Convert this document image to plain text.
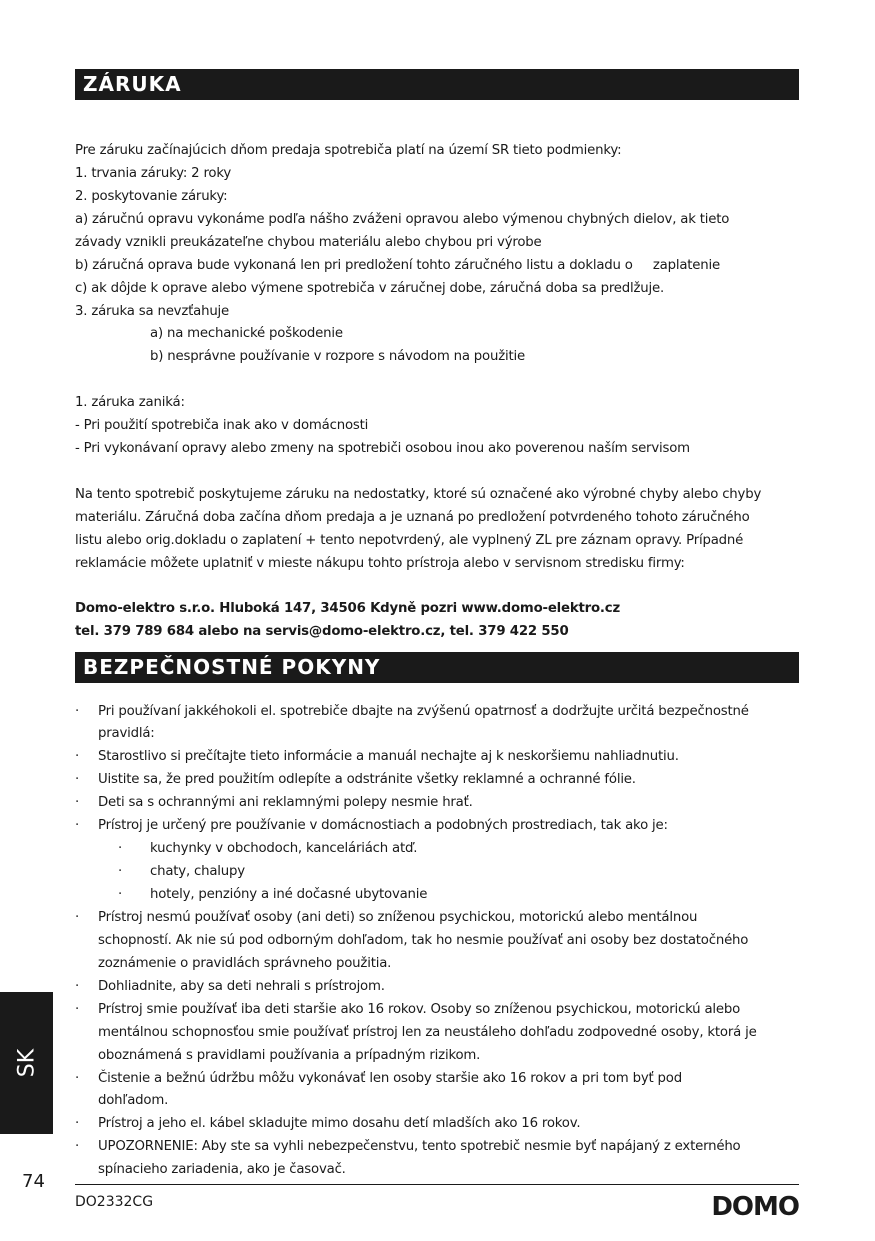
ZÁRUKA
Pre záruku začínajúcich dňom predaja spotrebiča platí na území SR tieto podmienky:
1. trvania záruky: 2 roky
2. poskytovanie záruky:
a) záručnú opravu vykonáme podľa nášho zváženi opravou alebo výmenou chybných dielov, ak tieto
závady vznikli preukázateľne chybou materiálu alebo chybou pri výrobe
b) záručná oprava bude vykonaná len pri predložení tohto záručného listu a dokladu o     zaplatenie
c) ak dôjde k oprave alebo výmene spotrebiča v záručnej dobe, záručná doba sa predlžuje.
3. záruka sa nevzťahuje
a) na mechanické poškodenie
b) nesprávne používanie v rozpore s návodom na použitie
1. záruka zaniká:
- Pri použití spotrebiča inak ako v domácnosti
- Pri vykonávaní opravy alebo zmeny na spotrebiči osobou inou ako poverenou naším servisom
Na tento spotrebič poskytujeme záruku na nedostatky, ktoré sú označené ako výrobné chyby alebo chyby
materiálu. Záručná doba začína dňom predaja a je uznaná po predložení potvrdeného tohoto záručného
listu alebo orig.dokladu o zaplatení + tento nepotvrdený, ale vyplnený ZL pre záznam opravy. Prípadné
reklamácie môžete uplatniť v mieste nákupu tohto prístroja alebo v servisnom stredisku firmy:
Domo-elektro s.r.o. Hluboká 147, 34506 Kdyně pozri www.domo-elektro.cz
tel. 379 789 684 alebo na servis@domo-elektro.cz, tel. 379 422 550
BEZPEČNOSTNÉ POKYNY
·
·
·
·
·
·
·
·
·
·
·
·
·
·
Pri používaní jakkéhokoli el. spotrebiče dbajte na zvýšenú opatrnosť a dodržujte určitá bezpečnostné
pravidlá:
Starostlivo si prečítajte tieto informácie a manuál nechajte aj k neskoršiemu nahliadnutiu.
Uistite sa, že pred použitím odlepíte a odstránite všetky reklamné a ochranné fólie.
Deti sa s ochrannými ani reklamnými polepy nesmie hrať.
Prístroj je určený pre používanie v domácnostiach a podobných prostrediach, tak ako je:
kuchynky v obchodoch, kanceláriách atď.
chaty, chalupy
hotely, penzióny a iné dočasné ubytovanie
Prístroj nesmú používať osoby (ani deti) so zníženou psychickou, motorickú alebo mentálnou
schopností. Ak nie sú pod odborným dohľadom, tak ho nesmie používať ani osoby bez dostatočného
zoznámenie o pravidlách správneho použitia.
Dohliadnite, aby sa deti nehrali s prístrojom.
Prístroj smie používať iba deti staršie ako 16 rokov. Osoby so zníženou psychickou, motorickú alebo
mentálnou schopnosťou smie používať prístroj len za neustáleho dohľadu zodpovedné osoby, ktorá je
oboznámená s pravidlami používania a prípadným rizikom.
Čistenie a bežnú údržbu môžu vykonávať len osoby staršie ako 16 rokov a pri tom byť pod
dohľadom.
Prístroj a jeho el. kábel skladujte mimo dosahu detí mladších ako 16 rokov.
UPOZORNENIE: Aby ste sa vyhli nebezpečenstvu, tento spotrebič nesmie byť napájaný z externého
spínacieho zariadenia, ako je časovač.
SK
74
DO2332CG	DOMO
